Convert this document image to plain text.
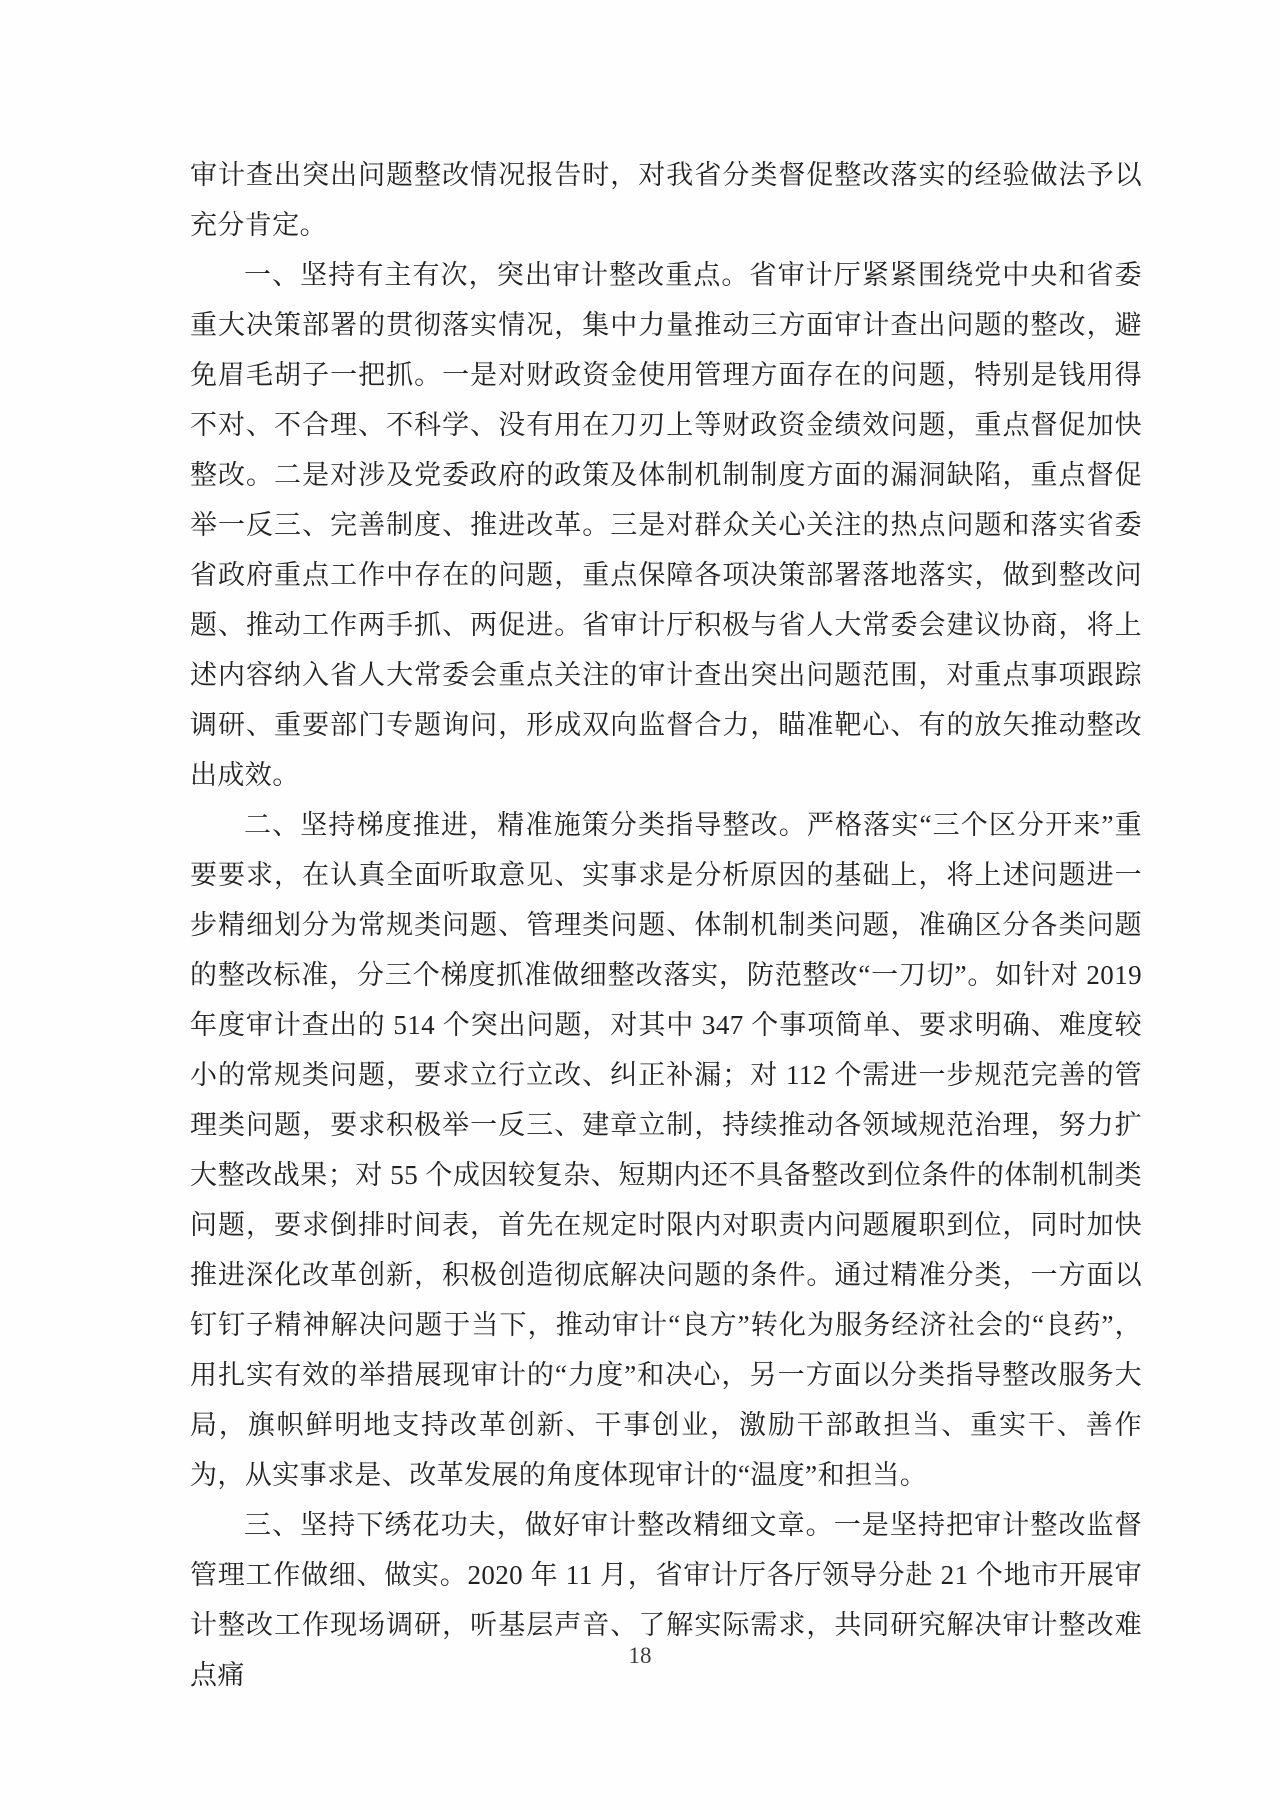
审计查出突出问题整改情况报告时，对我省分类督促整改落实的经验做法予以充分肯定。

一、坚持有主有次，突出审计整改重点。省审计厅紧紧围绕党中央和省委重大决策部署的贯彻落实情况，集中力量推动三方面审计查出问题的整改，避免眉毛胡子一把抓。一是对财政资金使用管理方面存在的问题，特别是钱用得不对、不合理、不科学、没有用在刀刃上等财政资金绩效问题，重点督促加快整改。二是对涉及党委政府的政策及体制机制制度方面的漏洞缺陷，重点督促举一反三、完善制度、推进改革。三是对群众关心关注的热点问题和落实省委省政府重点工作中存在的问题，重点保障各项决策部署落地落实，做到整改问题、推动工作两手抓、两促进。省审计厅积极与省人大常委会建议协商，将上述内容纳入省人大常委会重点关注的审计查出突出问题范围，对重点事项跟踪调研、重要部门专题询问，形成双向监督合力，瞄准靶心、有的放矢推动整改出成效。

二、坚持梯度推进，精准施策分类指导整改。严格落实“三个区分开来”重要要求，在认真全面听取意见、实事求是分析原因的基础上，将上述问题进一步精细划分为常规类问题、管理类问题、体制机制类问题，准确区分各类问题的整改标准，分三个梯度抓准做细整改落实，防范整改“一刀切”。如针对 2019 年度审计查出的 514 个突出问题，对其中 347 个事项简单、要求明确、难度较小的常规类问题，要求立行立改、纠正补漏；对 112 个需进一步规范完善的管理类问题，要求积极举一反三、建章立制，持续推动各领域规范治理，努力扩大整改战果；对 55 个成因较复杂、短期内还不具备整改到位条件的体制机制类问题，要求倒排时间表，首先在规定时限内对职责内问题履职到位，同时加快推进深化改革创新，积极创造彻底解决问题的条件。通过精准分类，一方面以钉钉子精神解决问题于当下，推动审计“良方”转化为服务经济社会的“良药”，用扎实有效的举措展现审计的“力度”和决心，另一方面以分类指导整改服务大局，旗帜鲜明地支持改革创新、干事创业，激励干部敢担当、重实干、善作为，从实事求是、改革发展的角度体现审计的“温度”和担当。

三、坚持下绣花功夫，做好审计整改精细文章。一是坚持把审计整改监督管理工作做细、做实。2020 年 11 月，省审计厅各厅领导分赴 21 个地市开展审计整改工作现场调研，听基层声音、了解实际需求，共同研究解决审计整改难点痛

18
